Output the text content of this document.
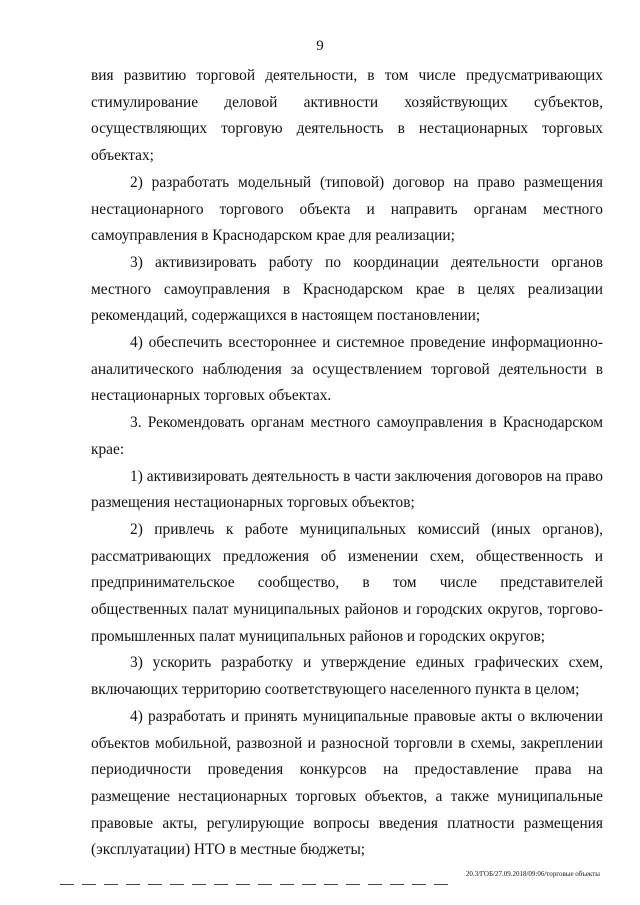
9

вия развитию торговой деятельности, в том числе предусматривающих стимулирование деловой активности хозяйствующих субъектов, осуществляющих торговую деятельность в нестационарных торговых объектах;

2) разработать модельный (типовой) договор на право размещения нестационарного торгового объекта и направить органам местного самоуправления в Краснодарском крае для реализации;

3) активизировать работу по координации деятельности органов местного самоуправления в Краснодарском крае в целях реализации рекомендаций, содержащихся в настоящем постановлении;

4) обеспечить всестороннее и системное проведение информационно-аналитического наблюдения за осуществлением торговой деятельности в нестационарных торговых объектах.

3. Рекомендовать органам местного самоуправления в Краснодарском крае:

1) активизировать деятельность в части заключения договоров на право размещения нестационарных торговых объектов;

2) привлечь к работе муниципальных комиссий (иных органов), рассматривающих предложения об изменении схем, общественность и предпринимательское сообщество, в том числе представителей общественных палат муниципальных районов и городских округов, торгово-промышленных палат муниципальных районов и городских округов;

3) ускорить разработку и утверждение единых графических схем, включающих территорию соответствующего населенного пункта в целом;

4) разработать и принять муниципальные правовые акты о включении объектов мобильной, развозной и разносной торговли в схемы, закреплении периодичности проведения конкурсов на предоставление права на размещение нестационарных торговых объектов, а также муниципальные правовые акты, регулирующие вопросы введения платности размещения (эксплуатации) НТО в местные бюджеты;

20.3/ГОБ/27.09.2018/09:06/торговые объекты
